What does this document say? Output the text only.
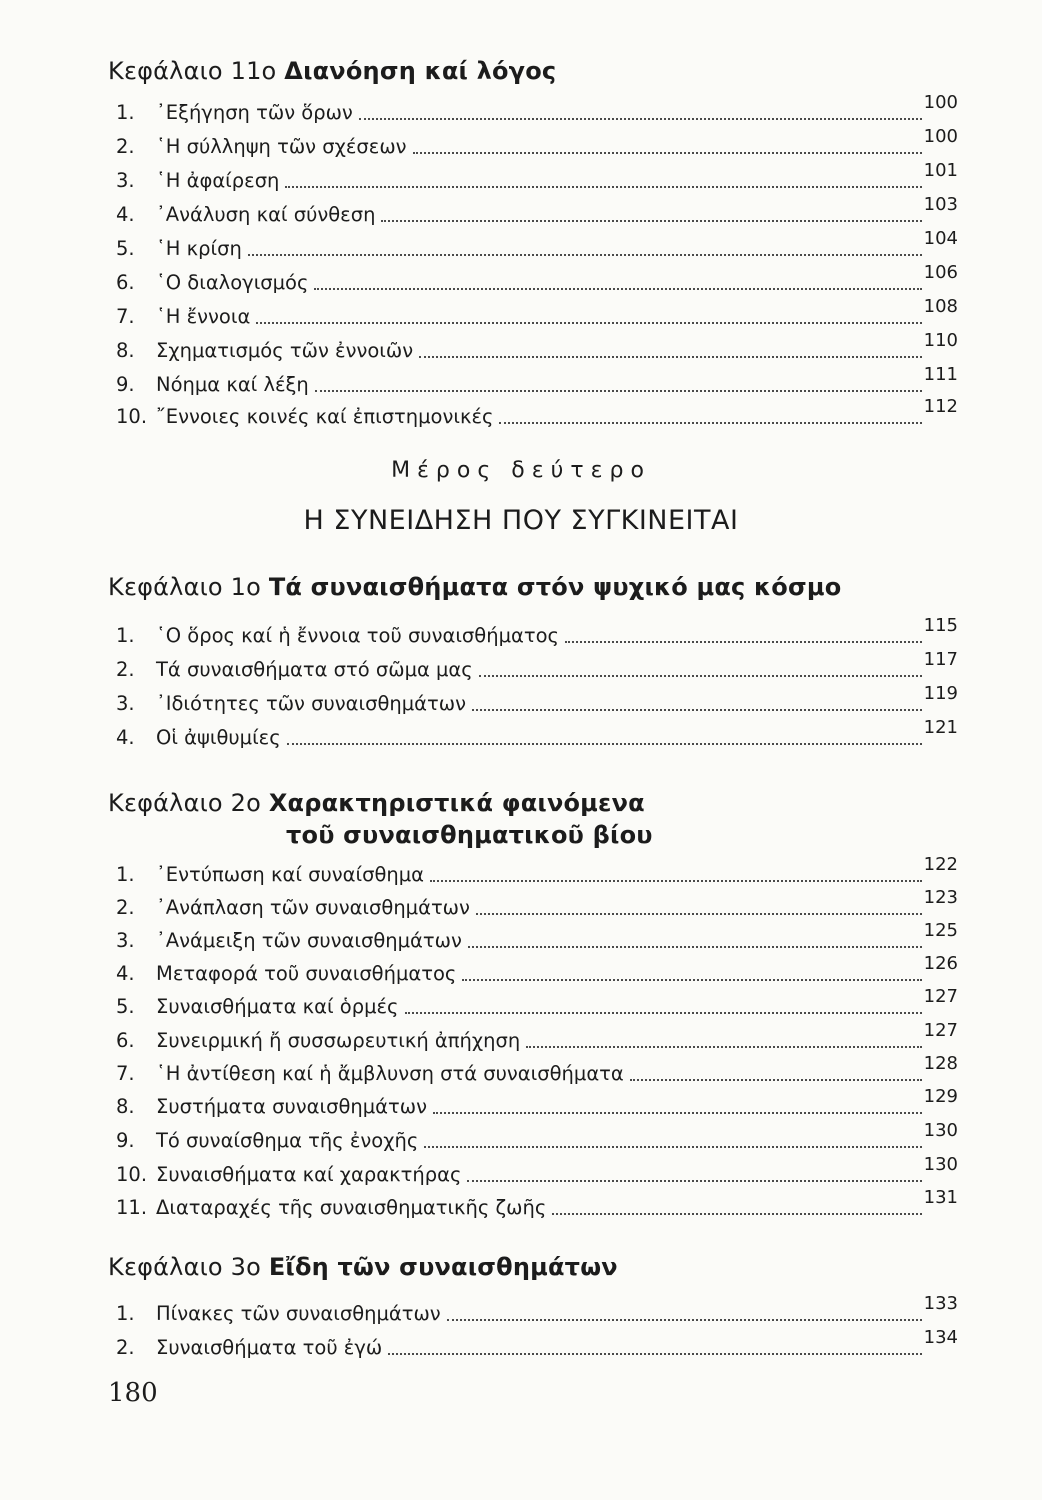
Κεφάλαιο 11ο Διανόηση καί λόγος
1.	᾿Εξήγηση τῶν ὅρων	100
2.	῾Η σύλληψη τῶν σχέσεων	100
3.	῾Η ἀφαίρεση	101
4.	᾿Ανάλυση καί σύνθεση	103
5.	῾Η κρίση	104
6.	῾Ο διαλογισμός	106
7.	῾Η ἔννοια	108
8.	Σχηματισμός τῶν ἐννοιῶν	110
9.	Νόημα καί λέξη	111
10. ῎Εννοιες κοινές καί ἐπιστημονικές	112
Μέρος δεύτερο
Η ΣΥΝΕΙΔΗΣΗ ΠΟΥ ΣΥΓΚΙΝΕΙΤΑΙ
Κεφάλαιο 1ο Τά συναισθήματα στόν ψυχικό μας κόσμο
1.	῾Ο ὅρος καί ἡ ἔννοια τοῦ συναισθήματος	115
2.	Τά συναισθήματα στό σῶμα μας	117
3.	᾿Ιδιότητες τῶν συναισθημάτων	119
4.	Οἱ ἀψιθυμίες	121
Κεφάλαιο 2ο Χαρακτηριστικά φαινόμενα
τοῦ συναισθηματικοῦ βίου
1.	᾿Εντύπωση καί συναίσθημα	122
2.	᾿Ανάπλαση τῶν συναισθημάτων	123
3.	᾿Ανάμειξη τῶν συναισθημάτων	125
4.	Μεταφορά τοῦ συναισθήματος	126
5.	Συναισθήματα καί ὁρμές	127
6.	Συνειρμική ἤ συσσωρευτική ἀπήχηση	127
7.	῾Η ἀντίθεση καί ἡ ἄμβλυνση στά συναισθήματα	128
8.	Συστήματα συναισθημάτων	129
9.	Τό συναίσθημα τῆς ἐνοχῆς	130
10. Συναισθήματα καί χαρακτήρας	130
11. Διαταραχές τῆς συναισθηματικῆς ζωῆς	131
Κεφάλαιο 3ο Εἴδη τῶν συναισθημάτων
1.	Πίνακες τῶν συναισθημάτων	133
2.	Συναισθήματα τοῦ ἐγώ	134
180
